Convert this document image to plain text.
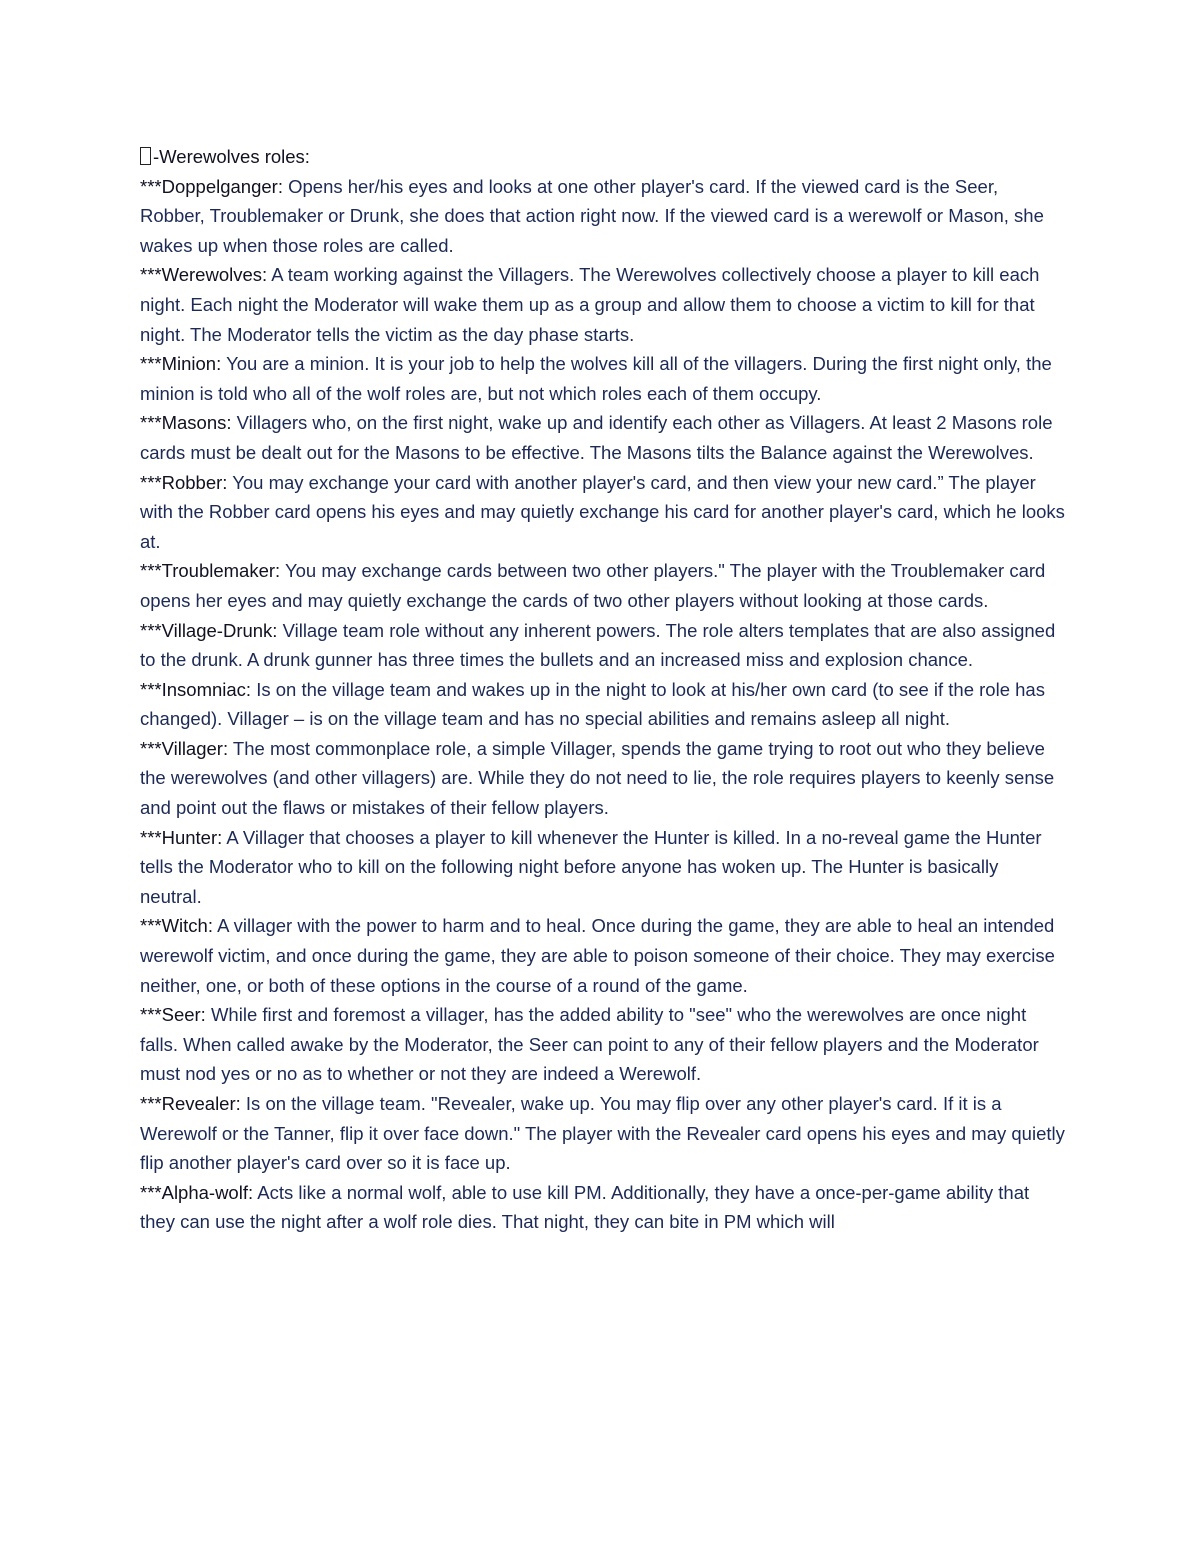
-Werewolves roles:

***Doppelganger: Opens her/his eyes and looks at one other player's card. If the viewed card is the Seer, Robber, Troublemaker or Drunk, she does that action right now. If the viewed card is a werewolf or Mason, she wakes up when those roles are called.
***Werewolves: A team working against the Villagers. The Werewolves collectively choose a player to kill each night. Each night the Moderator will wake them up as a group and allow them to choose a victim to kill for that night. The Moderator tells the victim as the day phase starts.
***Minion: You are a minion. It is your job to help the wolves kill all of the villagers. During the first night only, the minion is told who all of the wolf roles are, but not which roles each of them occupy.
***Masons: Villagers who, on the first night, wake up and identify each other as Villagers. At least 2 Masons role cards must be dealt out for the Masons to be effective. The Masons tilts the Balance against the Werewolves.
***Robber: You may exchange your card with another player's card, and then view your new card.” The player with the Robber card opens his eyes and may quietly exchange his card for another player's card, which he looks at.
***Troublemaker: You may exchange cards between two other players." The player with the Troublemaker card opens her eyes and may quietly exchange the cards of two other players without looking at those cards.
***Village-Drunk: Village team role without any inherent powers. The role alters templates that are also assigned to the drunk. A drunk gunner has three times the bullets and an increased miss and explosion chance.
***Insomniac: Is on the village team and wakes up in the night to look at his/her own card (to see if the role has changed). Villager – is on the village team and has no special abilities and remains asleep all night.
***Villager: The most commonplace role, a simple Villager, spends the game trying to root out who they believe the werewolves (and other villagers) are. While they do not need to lie, the role requires players to keenly sense and point out the flaws or mistakes of their fellow players.
***Hunter: A Villager that chooses a player to kill whenever the Hunter is killed. In a no-reveal game the Hunter tells the Moderator who to kill on the following night before anyone has woken up. The Hunter is basically neutral.
***Witch: A villager with the power to harm and to heal. Once during the game, they are able to heal an intended werewolf victim, and once during the game, they are able to poison someone of their choice. They may exercise neither, one, or both of these options in the course of a round of the game.
***Seer: While first and foremost a villager, has the added ability to "see" who the werewolves are once night falls. When called awake by the Moderator, the Seer can point to any of their fellow players and the Moderator must nod yes or no as to whether or not they are indeed a Werewolf.
***Revealer: Is on the village team. "Revealer, wake up. You may flip over any other player's card. If it is a Werewolf or the Tanner, flip it over face down." The player with the Revealer card opens his eyes and may quietly flip another player's card over so it is face up.
***Alpha-wolf: Acts like a normal wolf, able to use kill PM. Additionally, they have a once-per-game ability that they can use the night after a wolf role dies. That night, they can bite in PM which will
